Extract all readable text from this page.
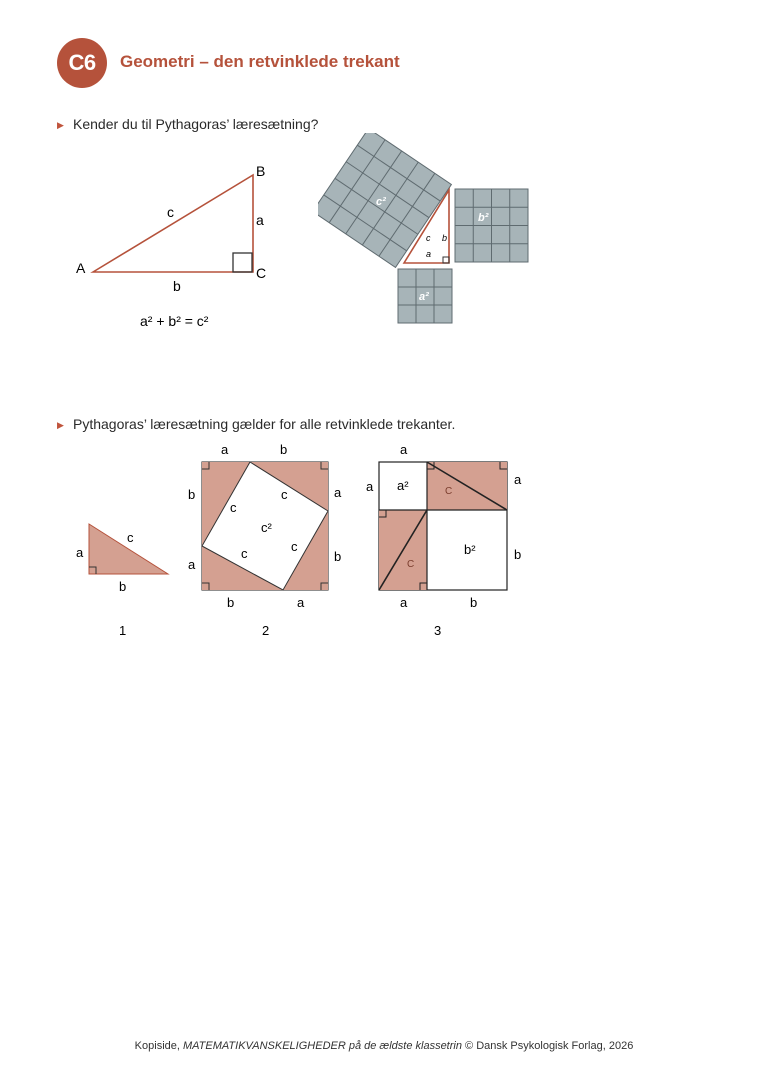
C6	Geometri – den retvinklede trekant
▶ Kender du til Pythagoras’ læresætning?
A
B
C
a
b
c
a² + b² = c²
c²
c b
a
b²
a²
▶ Pythagoras’ læresætning gælder for alle retvinklede trekanter.
a
b
c
1
a	b
b
a
a
b
b	a
c
c
c	c
c²
2
a
a	a
b
a	b
a²
b²
C
C
3
Kopiside, MATEMATIKVANSKELIGHEDER på de ældste klassetrin © Dansk Psykologisk Forlag, 2026
